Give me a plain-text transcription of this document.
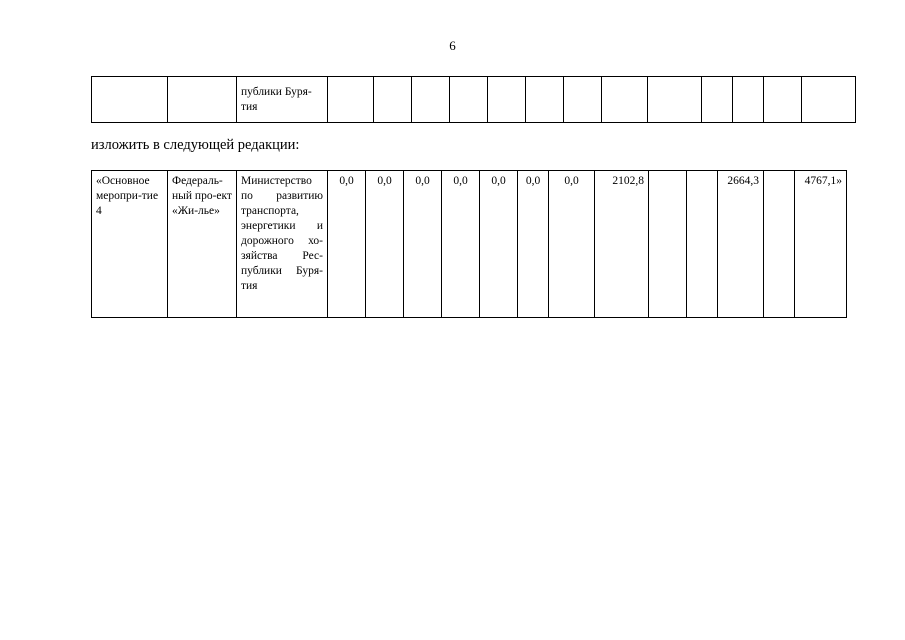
6
		публики Буря-
тия													
изложить в следующей редакции:
«Основное меропри-тие 4	Федераль-ный про-ект «Жи-лье»	Министерство по развитию транспорта, энергетики и дорожного хо-зяйства Рес-публики Буря-тия	0,0	0,0	0,0	0,0	0,0	0,0	0,0	2102,8			2664,3		4767,1»
